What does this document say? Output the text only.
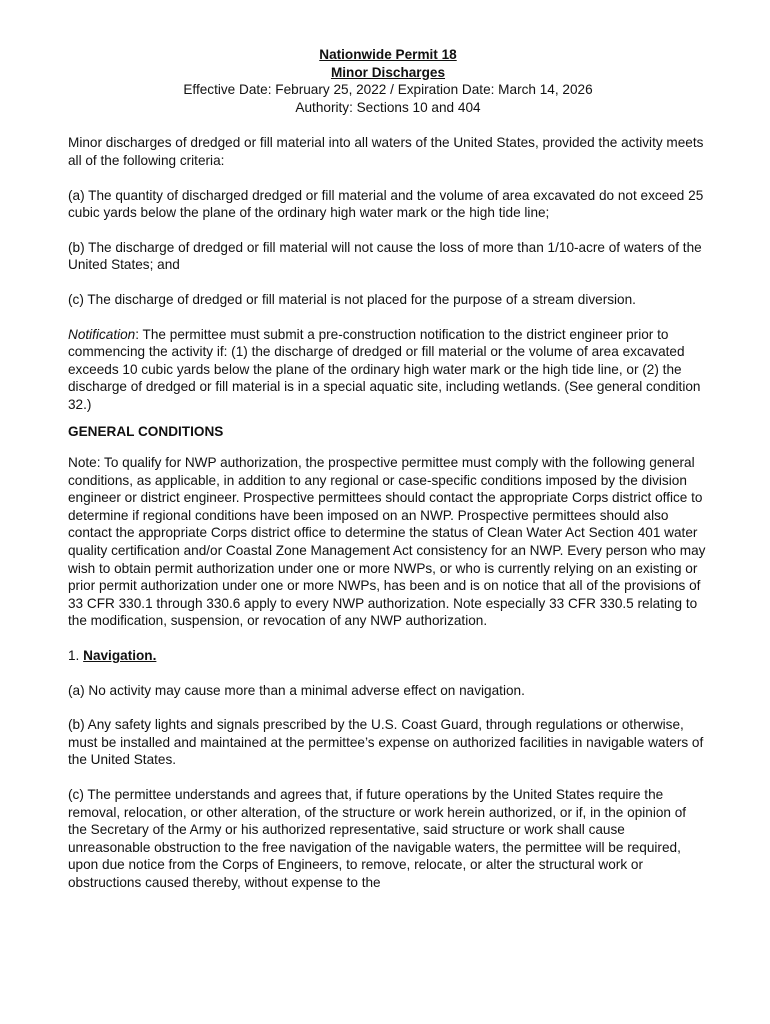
Nationwide Permit 18
Minor Discharges
Effective Date: February 25, 2022 / Expiration Date: March 14, 2026
Authority: Sections 10 and 404

Minor discharges of dredged or fill material into all waters of the United States, provided the activity meets all of the following criteria:

(a) The quantity of discharged dredged or fill material and the volume of area excavated do not exceed 25 cubic yards below the plane of the ordinary high water mark or the high tide line;

(b) The discharge of dredged or fill material will not cause the loss of more than 1/10-acre of waters of the United States; and

(c) The discharge of dredged or fill material is not placed for the purpose of a stream diversion.

Notification: The permittee must submit a pre-construction notification to the district engineer prior to commencing the activity if: (1) the discharge of dredged or fill material or the volume of area excavated exceeds 10 cubic yards below the plane of the ordinary high water mark or the high tide line, or (2) the discharge of dredged or fill material is in a special aquatic site, including wetlands. (See general condition 32.)

GENERAL CONDITIONS

Note: To qualify for NWP authorization, the prospective permittee must comply with the following general conditions, as applicable, in addition to any regional or case-specific conditions imposed by the division engineer or district engineer. Prospective permittees should contact the appropriate Corps district office to determine if regional conditions have been imposed on an NWP. Prospective permittees should also contact the appropriate Corps district office to determine the status of Clean Water Act Section 401 water quality certification and/or Coastal Zone Management Act consistency for an NWP. Every person who may wish to obtain permit authorization under one or more NWPs, or who is currently relying on an existing or prior permit authorization under one or more NWPs, has been and is on notice that all of the provisions of 33 CFR 330.1 through 330.6 apply to every NWP authorization. Note especially 33 CFR 330.5 relating to the modification, suspension, or revocation of any NWP authorization.

1. Navigation.

(a) No activity may cause more than a minimal adverse effect on navigation.

(b) Any safety lights and signals prescribed by the U.S. Coast Guard, through regulations or otherwise, must be installed and maintained at the permittee’s expense on authorized facilities in navigable waters of the United States.

(c) The permittee understands and agrees that, if future operations by the United States require the removal, relocation, or other alteration, of the structure or work herein authorized, or if, in the opinion of the Secretary of the Army or his authorized representative, said structure or work shall cause unreasonable obstruction to the free navigation of the navigable waters, the permittee will be required, upon due notice from the Corps of Engineers, to remove, relocate, or alter the structural work or obstructions caused thereby, without expense to the
